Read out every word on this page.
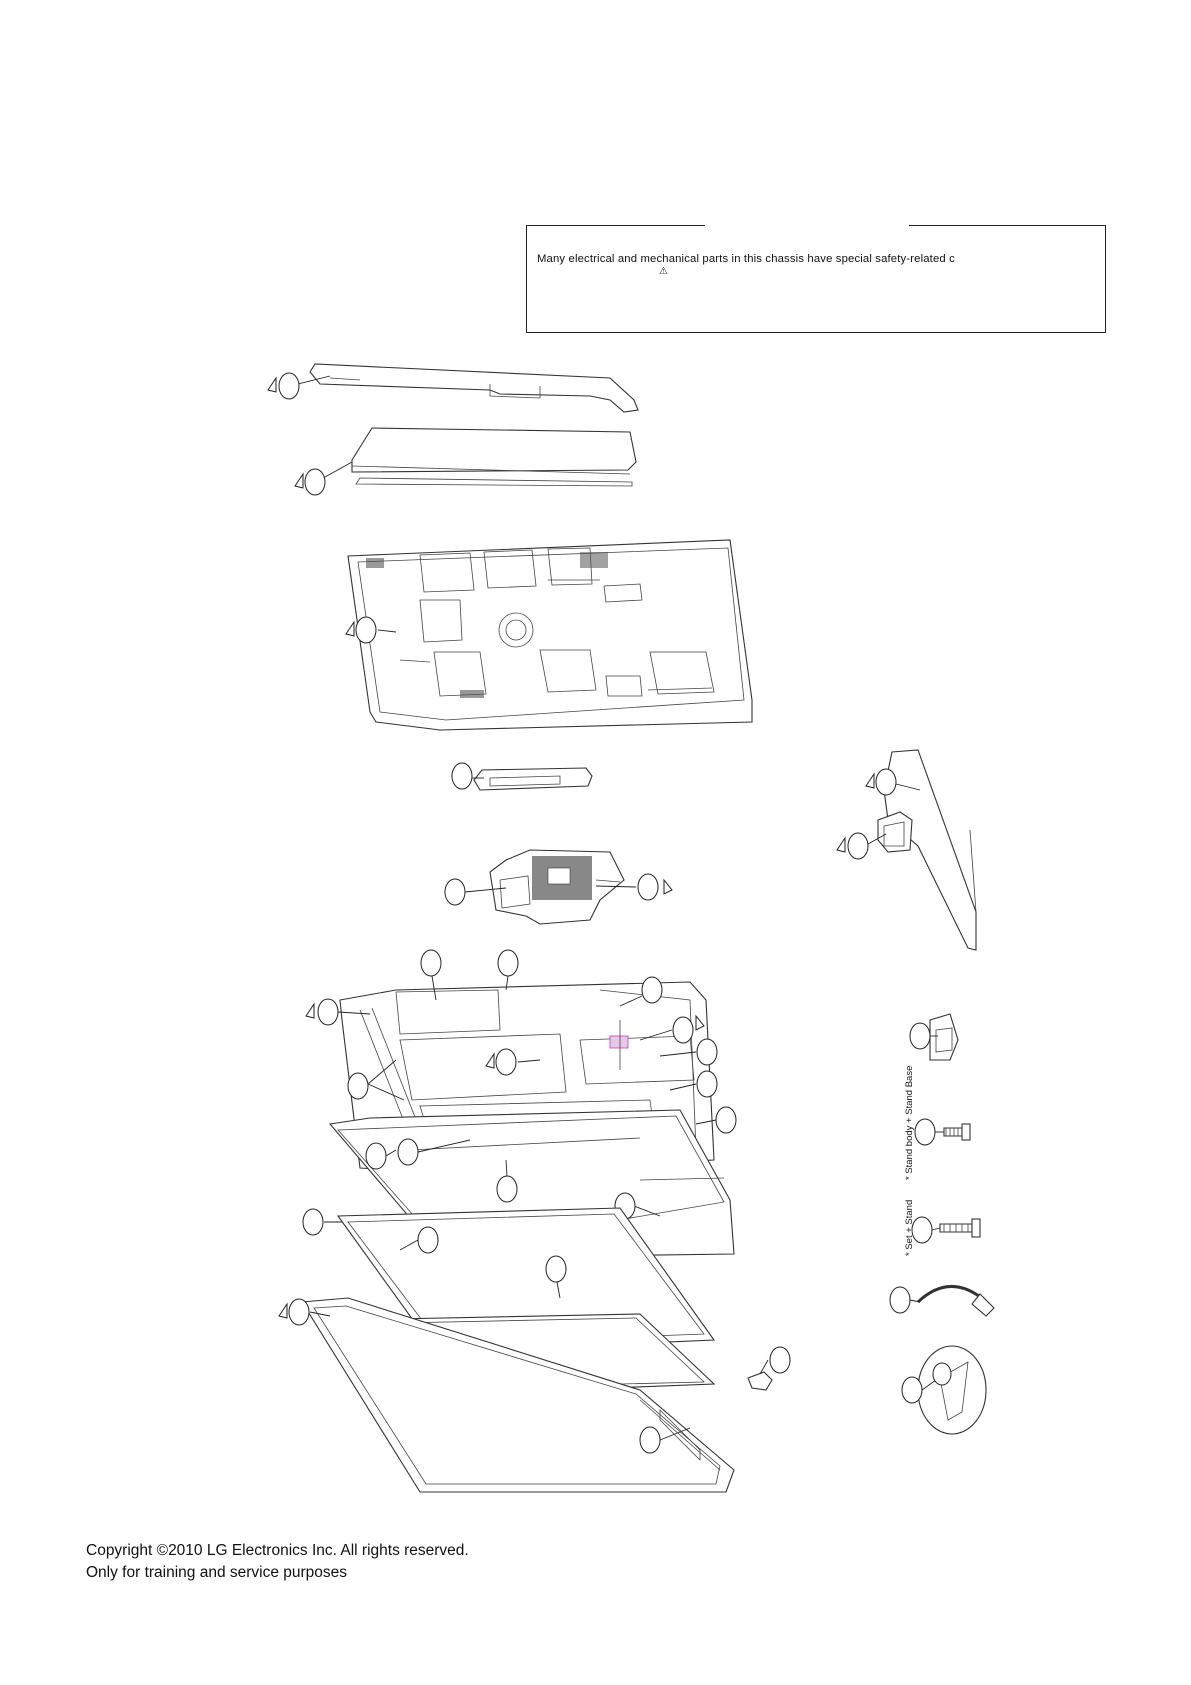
Many electrical and mechanical parts in this chassis have special safety-related c
⚠
* Stand body + Stand Base
* Set + Stand
Copyright ©2010 LG Electronics Inc. All rights reserved.
Only for training and service purposes
